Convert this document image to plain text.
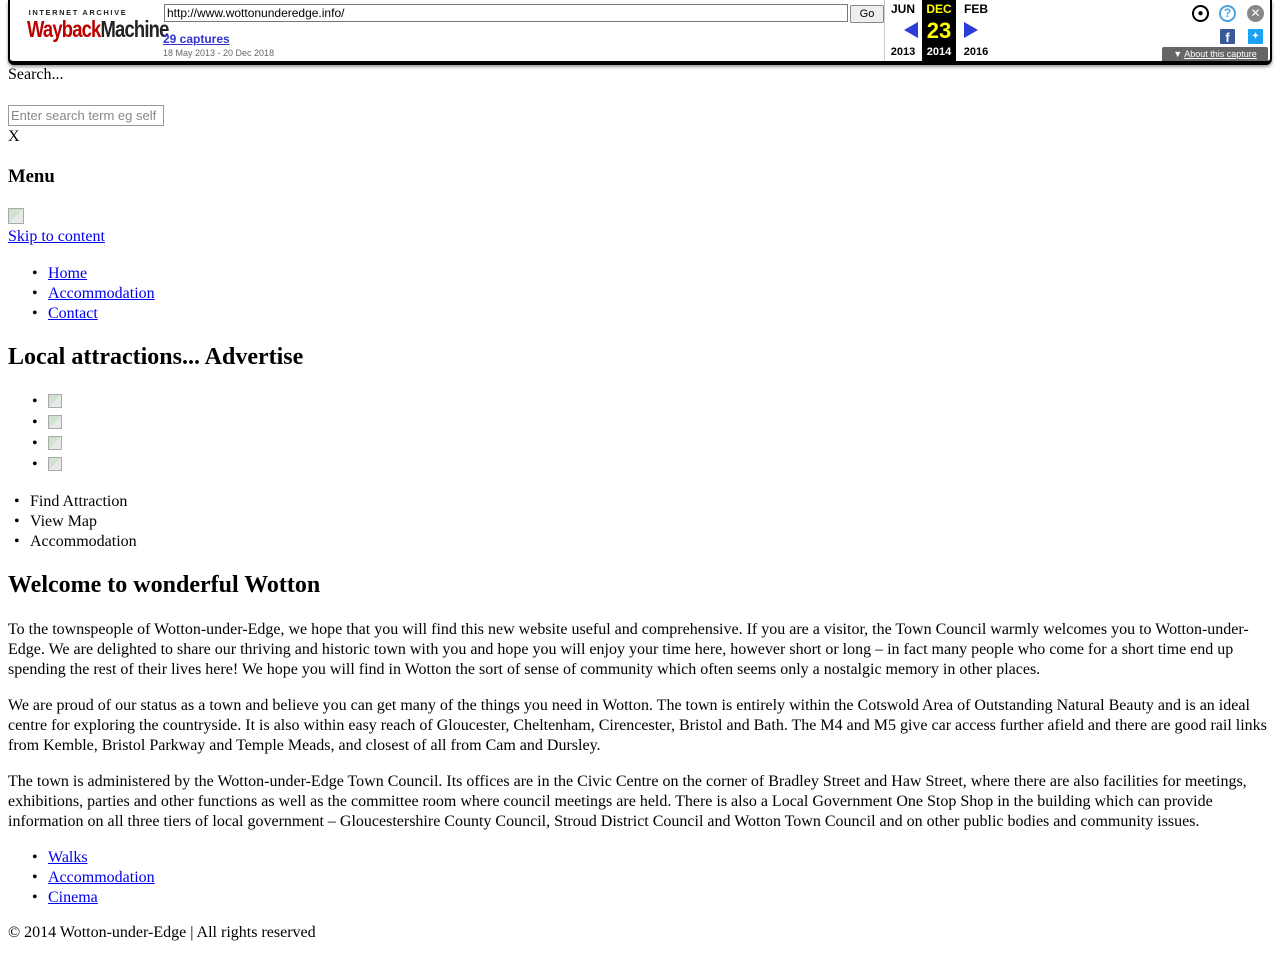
INTERNET ARCHIVE
WaybackMachine
http://www.wottonunderedge.info/	Go
29 captures
18 May 2013 - 20 Dec 2018
JUN
2013
DEC
23
2014
FEB
2016
●	?	✕
f	✦
▼ About this capture
Search...
Enter search term eg self
X
Menu
Skip to content
• Home
• Accommodation
• Contact
Local attractions... Advertise
•
•
•
•
• Find Attraction
• View Map
• Accommodation
Welcome to wonderful Wotton

To the townspeople of Wotton-under-Edge, we hope that you will find this new website useful and comprehensive. If you are a visitor, the Town Council warmly welcomes you to Wotton-under-Edge. We are delighted to share our thriving and historic town with you and hope you will enjoy your time here, however short or long – in fact many people who come for a short time end up spending the rest of their lives here! We hope you will find in Wotton the sort of sense of community which often seems only a nostalgic memory in other places.

We are proud of our status as a town and believe you can get many of the things you need in Wotton. The town is entirely within the Cotswold Area of Outstanding Natural Beauty and is an ideal centre for exploring the countryside. It is also within easy reach of Gloucester, Cheltenham, Cirencester, Bristol and Bath. The M4 and M5 give car access further afield and there are good rail links from Kemble, Bristol Parkway and Temple Meads, and closest of all from Cam and Dursley.

The town is administered by the Wotton-under-Edge Town Council. Its offices are in the Civic Centre on the corner of Bradley Street and Haw Street, where there are also facilities for meetings, exhibitions, parties and other functions as well as the committee room where council meetings are held. There is also a Local Government One Stop Shop in the building which can provide information on all three tiers of local government – Gloucestershire County Council, Stroud District Council and Wotton Town Council and on other public bodies and community issues.

• Walks
• Accommodation
• Cinema
© 2014 Wotton-under-Edge | All rights reserved
